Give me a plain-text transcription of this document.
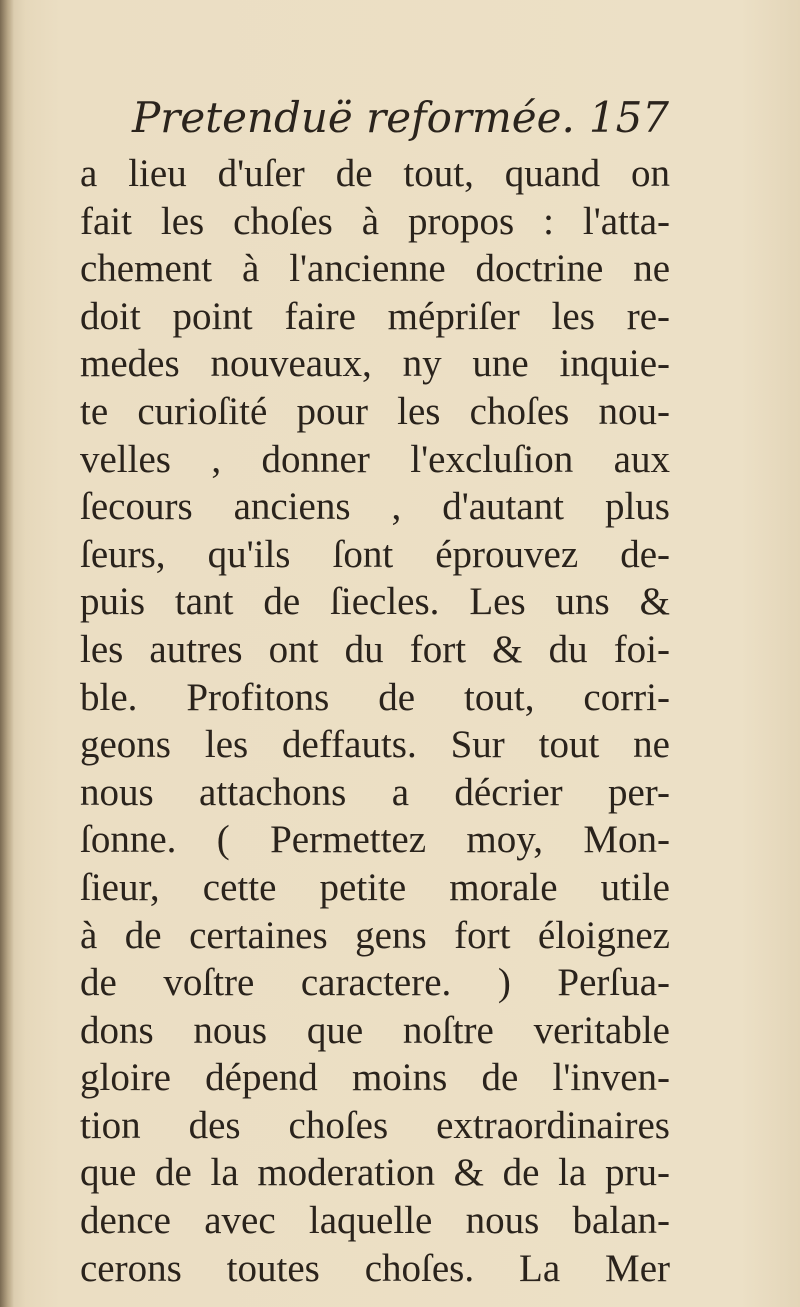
Pretenduë reformée. 157
a lieu d'uſer de tout, quand on
fait les choſes à propos : l'atta-
chement à l'ancienne doctrine ne
doit point faire mépriſer les re-
medes nouveaux, ny une inquie-
te curioſité pour les choſes nou-
velles , donner l'excluſion aux
ſecours anciens , d'autant plus
ſeurs, qu'ils ſont éprouvez de-
puis tant de ſiecles. Les uns &
les autres ont du fort & du foi-
ble. Profitons de tout, corri-
geons les deffauts. Sur tout ne
nous attachons a décrier per-
ſonne. ( Permettez moy, Mon-
ſieur, cette petite morale utile
à de certaines gens fort éloignez
de voſtre caractere. ) Perſua-
dons nous que noſtre veritable
gloire dépend moins de l'inven-
tion des choſes extraordinaires
que de la moderation & de la pru-
dence avec laquelle nous balan-
cerons toutes choſes. La Mer
